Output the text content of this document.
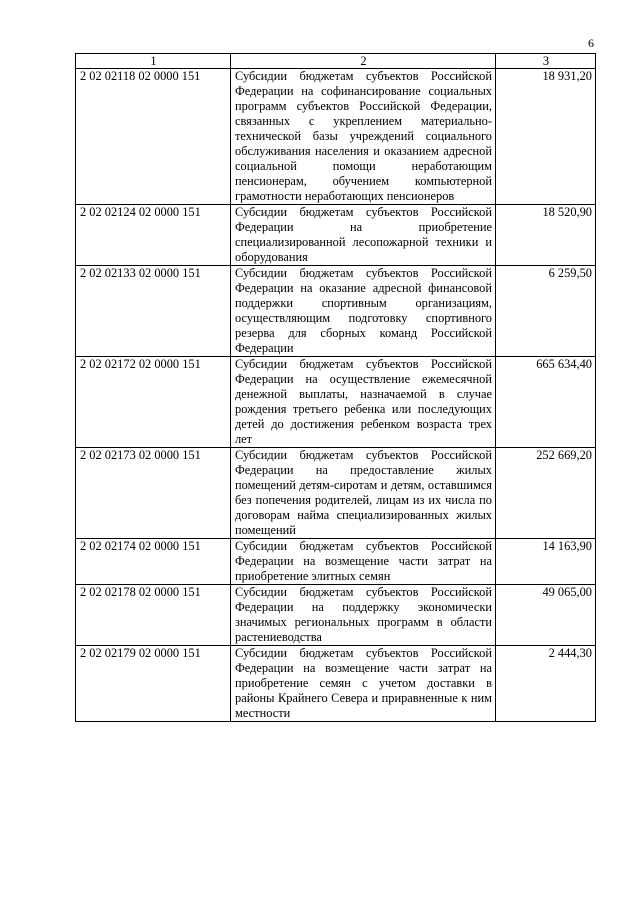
6
1	2	3
2 02 02118 02 0000 151	Субсидии бюджетам субъектов Российской Федерации на софинансирование социальных программ субъектов Российской Федерации, связанных с укреплением материально-технической базы учреждений социального обслуживания населения и оказанием адресной социальной помощи неработающим пенсионерам, обучением компьютерной грамотности неработающих пенсионеров	18 931,20
2 02 02124 02 0000 151	Субсидии бюджетам субъектов Российской Федерации на приобретение специализированной лесопожарной техники и оборудования	18 520,90
2 02 02133 02 0000 151	Субсидии бюджетам субъектов Российской Федерации на оказание адресной финансовой поддержки спортивным организациям, осуществляющим подготовку спортивного резерва для сборных команд Российской Федерации	6 259,50
2 02 02172 02 0000 151	Субсидии бюджетам субъектов Российской Федерации на осуществление ежемесячной денежной выплаты, назначаемой в случае рождения третьего ребенка или последующих детей до достижения ребенком возраста трех лет	665 634,40
2 02 02173 02 0000 151	Субсидии бюджетам субъектов Российской Федерации на предоставление жилых помещений детям-сиротам и детям, оставшимся без попечения родителей, лицам из их числа по договорам найма специализированных жилых помещений	252 669,20
2 02 02174 02 0000 151	Субсидии бюджетам субъектов Российской Федерации на возмещение части затрат на приобретение элитных семян	14 163,90
2 02 02178 02 0000 151	Субсидии бюджетам субъектов Российской Федерации на поддержку экономически значимых региональных программ в области растениеводства	49 065,00
2 02 02179 02 0000 151	Субсидии бюджетам субъектов Российской Федерации на возмещение части затрат на приобретение семян с учетом доставки в районы Крайнего Севера и приравненные к ним местности	2 444,30
